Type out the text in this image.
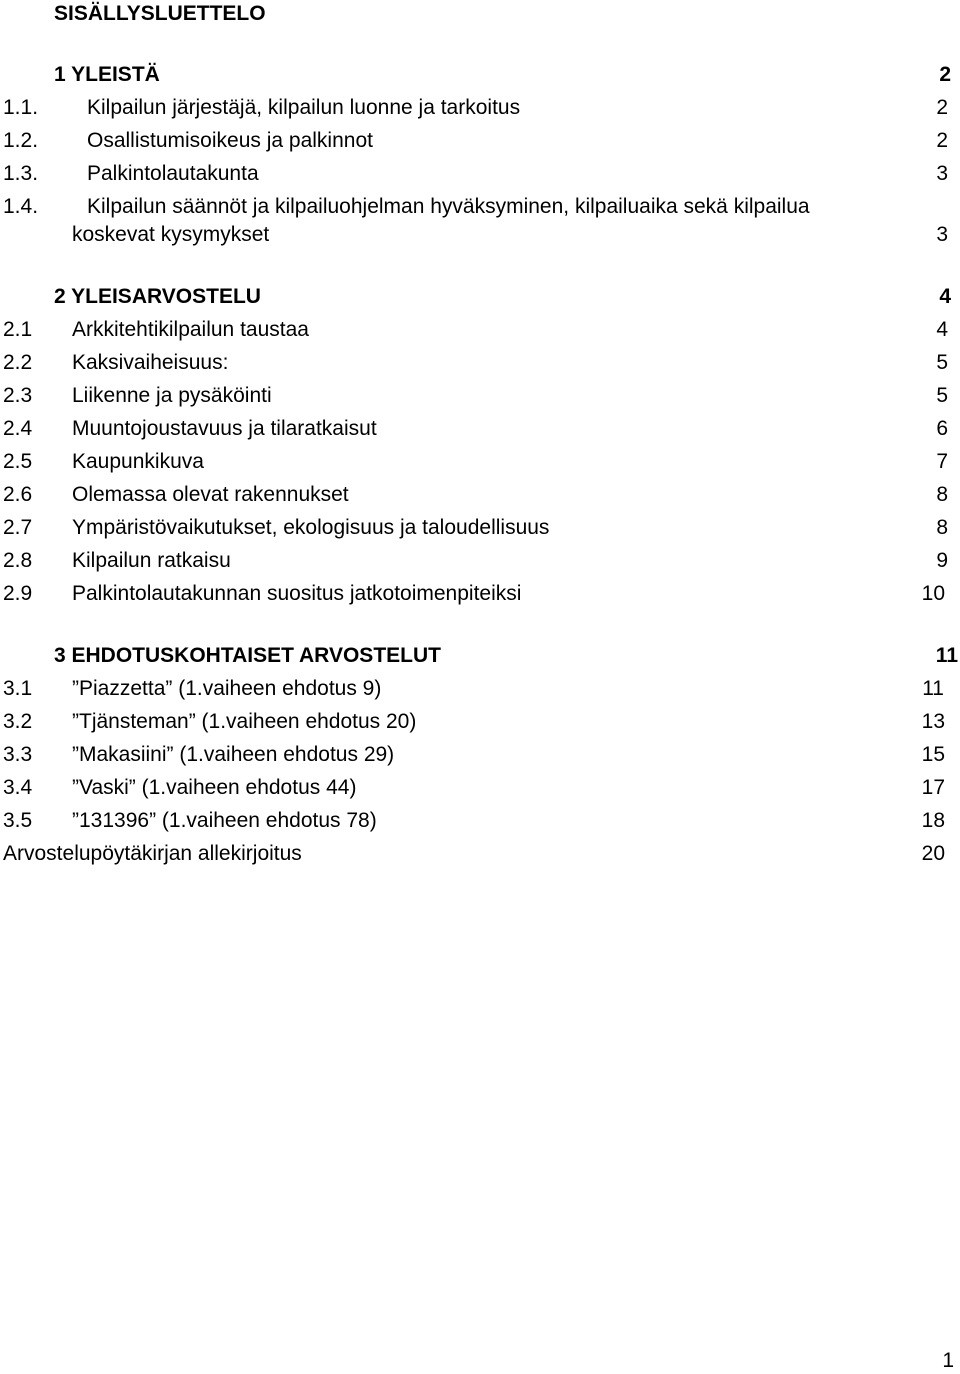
SISÄLLYSLUETTELO
1 YLEISTÄ	2
1.1. Kilpailun järjestäjä, kilpailun luonne ja tarkoitus	2
1.2. Osallistumisoikeus ja palkinnot	2
1.3. Palkintolautakunta	3
1.4. Kilpailun säännöt ja kilpailuohjelman hyväksyminen, kilpailuaika sekä kilpailua
koskevat kysymykset	3
2 YLEISARVOSTELU	4
2.1 Arkkitehtikilpailun taustaa	4
2.2 Kaksivaiheisuus:	5
2.3 Liikenne ja pysäköinti	5
2.4 Muuntojoustavuus ja tilaratkaisut	6
2.5 Kaupunkikuva	7
2.6 Olemassa olevat rakennukset	8
2.7 Ympäristövaikutukset, ekologisuus ja taloudellisuus	8
2.8 Kilpailun ratkaisu	9
2.9 Palkintolautakunnan suositus jatkotoimenpiteiksi	10
3 EHDOTUSKOHTAISET ARVOSTELUT	11
3.1 ”Piazzetta” (1.vaiheen ehdotus 9)	11
3.2 ”Tjänsteman” (1.vaiheen ehdotus 20)	13
3.3 ”Makasiini” (1.vaiheen ehdotus 29)	15
3.4 ”Vaski” (1.vaiheen ehdotus 44)	17
3.5 ”131396” (1.vaiheen ehdotus 78)	18
Arvostelupöytäkirjan allekirjoitus	20
1
